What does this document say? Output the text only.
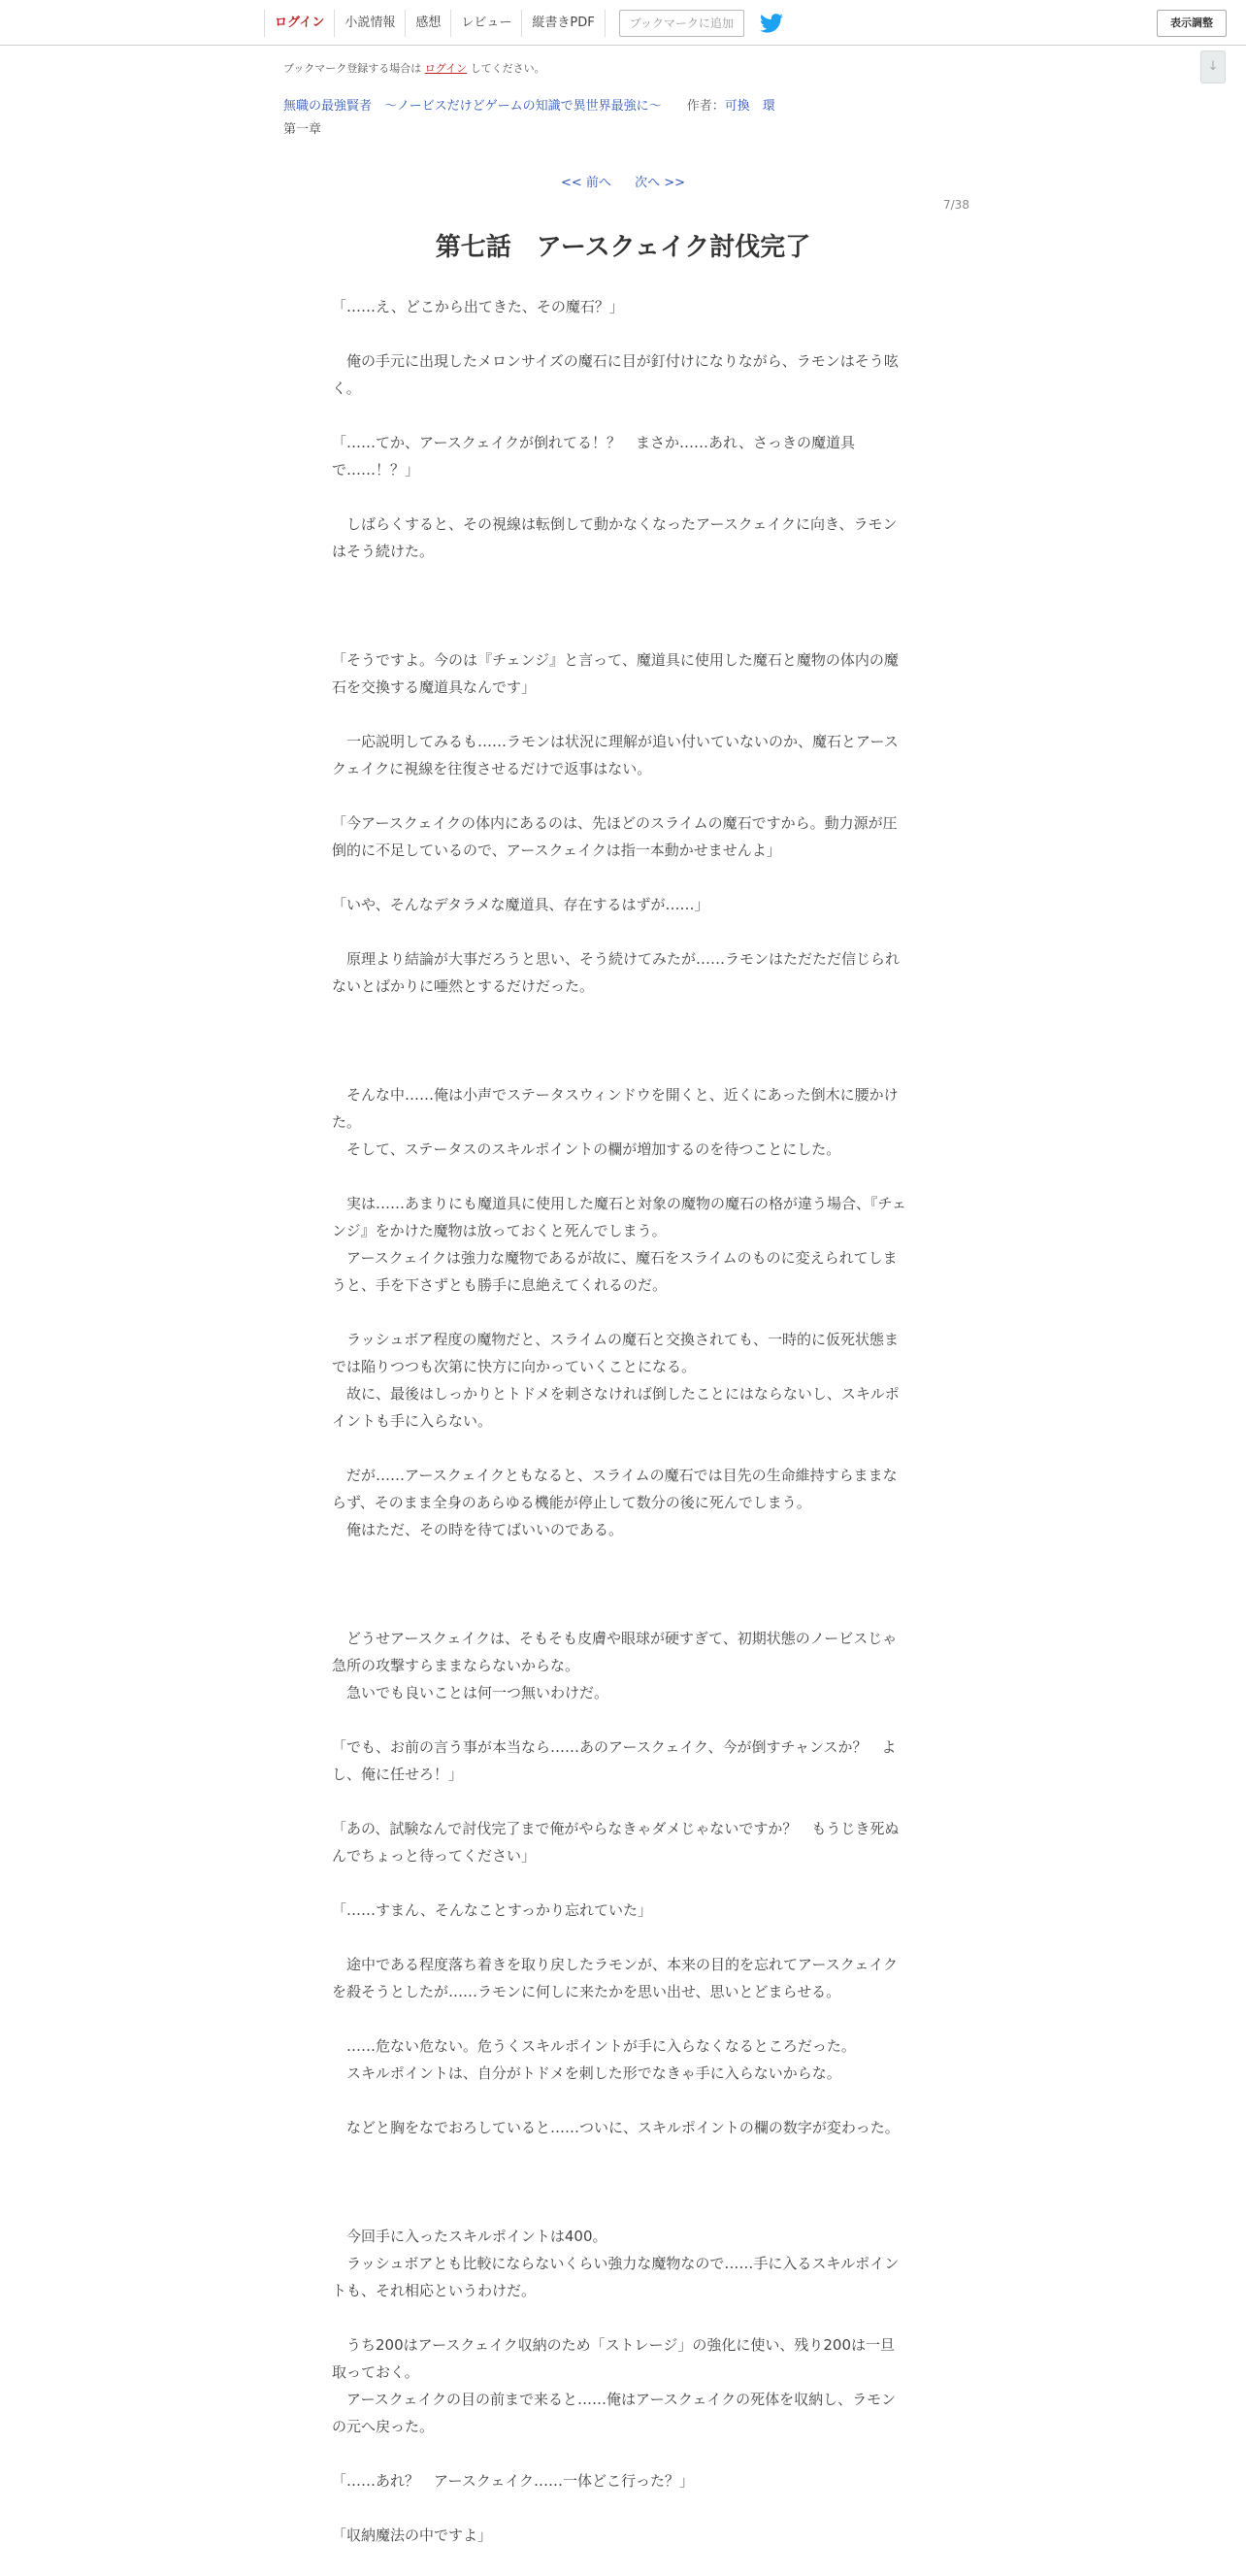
ログイン	小説情報	感想	レビュー	縦書きPDF	ブックマークに追加	表示調整
↓
ブックマーク登録する場合は ログイン してください。
無職の最強賢者　〜ノービスだけどゲームの知識で異世界最強に〜 作者：可換　環
第一章
<< 前へ 次へ >>
7/38
第七話　アースクェイク討伐完了

「……え、どこから出てきた、その魔石？」

　俺の手元に出現したメロンサイズの魔石に目が釘付けになりながら、ラモンはそう呟く。

「……てか、アースクェイクが倒れてる！？　まさか……あれ、さっきの魔道具で……！？」

　しばらくすると、その視線は転倒して動かなくなったアースクェイクに向き、ラモンはそう続けた。

「そうですよ。今のは『チェンジ』と言って、魔道具に使用した魔石と魔物の体内の魔石を交換する魔道具なんです」

　一応説明してみるも……ラモンは状況に理解が追い付いていないのか、魔石とアースクェイクに視線を往復させるだけで返事はない。

「今アースクェイクの体内にあるのは、先ほどのスライムの魔石ですから。動力源が圧倒的に不足しているので、アースクェイクは指一本動かせませんよ」

「いや、そんなデタラメな魔道具、存在するはずが……」

　原理より結論が大事だろうと思い、そう続けてみたが……ラモンはただただ信じられないとばかりに唖然とするだけだった。

　そんな中……俺は小声でステータスウィンドウを開くと、近くにあった倒木に腰かけた。
　そして、ステータスのスキルポイントの欄が増加するのを待つことにした。

　実は……あまりにも魔道具に使用した魔石と対象の魔物の魔石の格が違う場合、『チェンジ』をかけた魔物は放っておくと死んでしまう。
　アースクェイクは強力な魔物であるが故に、魔石をスライムのものに変えられてしまうと、手を下さずとも勝手に息絶えてくれるのだ。

　ラッシュボア程度の魔物だと、スライムの魔石と交換されても、一時的に仮死状態までは陥りつつも次第に快方に向かっていくことになる。
　故に、最後はしっかりとトドメを刺さなければ倒したことにはならないし、スキルポイントも手に入らない。

　だが……アースクェイクともなると、スライムの魔石では目先の生命維持すらままならず、そのまま全身のあらゆる機能が停止して数分の後に死んでしまう。
　俺はただ、その時を待てばいいのである。

　どうせアースクェイクは、そもそも皮膚や眼球が硬すぎて、初期状態のノービスじゃ急所の攻撃すらままならないからな。
　急いでも良いことは何一つ無いわけだ。

「でも、お前の言う事が本当なら……あのアースクェイク、今が倒すチャンスか？　よし、俺に任せろ！」

「あの、試験なんで討伐完了まで俺がやらなきゃダメじゃないですか？　もうじき死ぬんでちょっと待ってください」

「……すまん、そんなことすっかり忘れていた」

　途中である程度落ち着きを取り戻したラモンが、本来の目的を忘れてアースクェイクを殺そうとしたが……ラモンに何しに来たかを思い出せ、思いとどまらせる。

　……危ない危ない。危うくスキルポイントが手に入らなくなるところだった。
　スキルポイントは、自分がトドメを刺した形でなきゃ手に入らないからな。

　などと胸をなでおろしていると……ついに、スキルポイントの欄の数字が変わった。

　今回手に入ったスキルポイントは400。
　ラッシュボアとも比較にならないくらい強力な魔物なので……手に入るスキルポイントも、それ相応というわけだ。

　うち200はアースクェイク収納のため「ストレージ」の強化に使い、残り200は一旦取っておく。
　アースクェイクの目の前まで来ると……俺はアースクェイクの死体を収納し、ラモンの元へ戻った。

「……あれ？　アースクェイク……一体どこ行った？」

「収納魔法の中ですよ」
